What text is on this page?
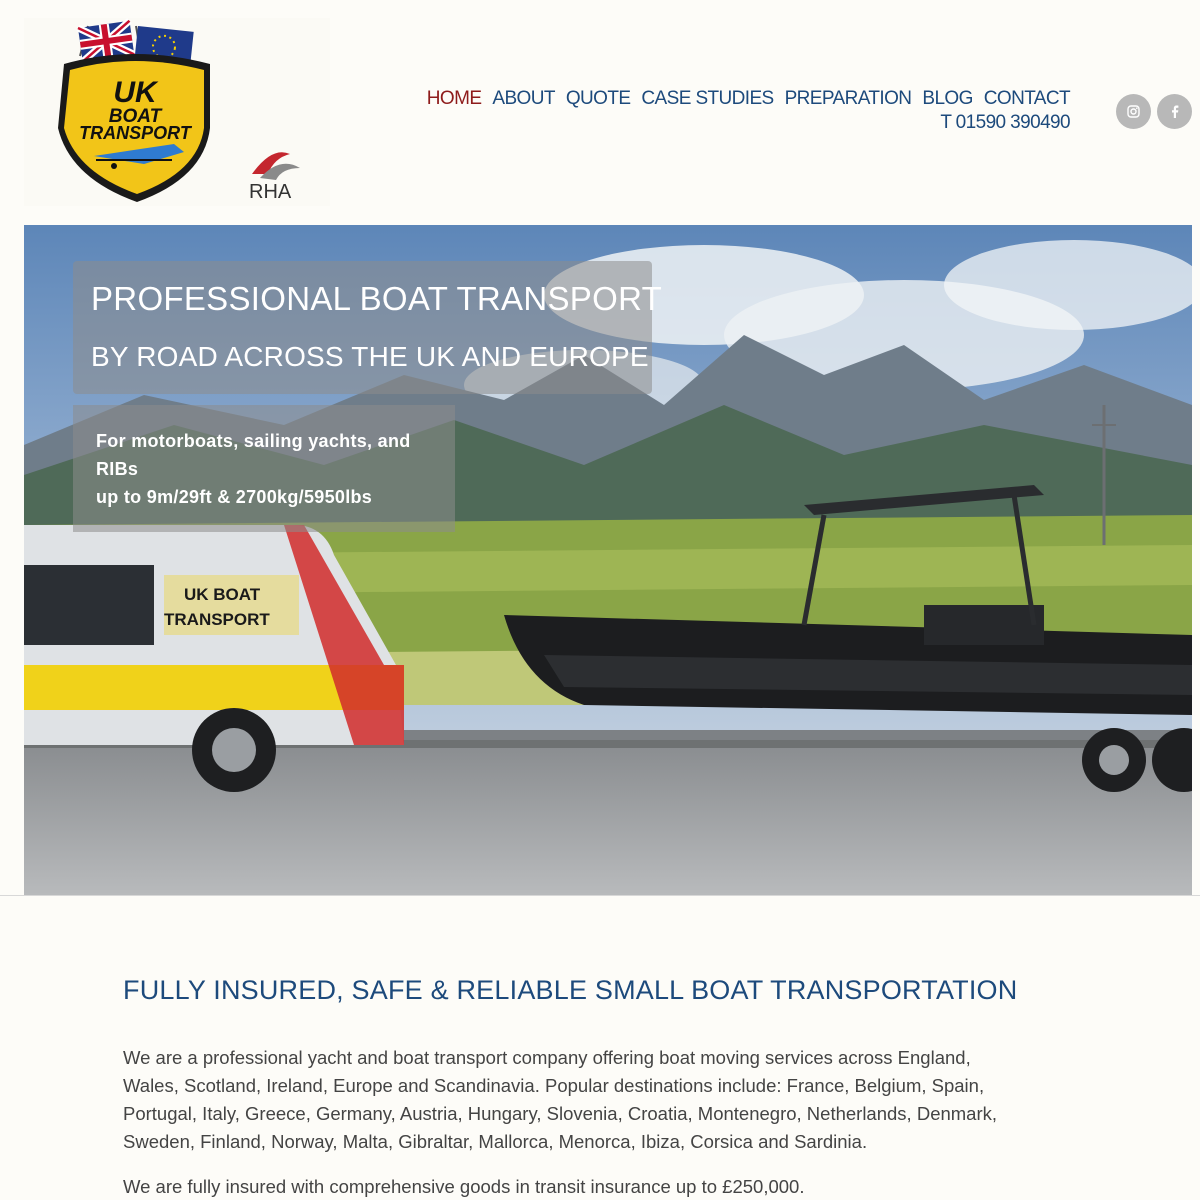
UK
BOAT
TRANSPORT
RHA
HOME ABOUT QUOTE CASE STUDIES PREPARATION BLOG CONTACT
T 01590 390490
UK BOAT
TRANSPORT
PROFESSIONAL BOAT TRANSPORT
BY ROAD ACROSS THE UK AND EUROPE
For motorboats, sailing yachts, and RIBs
up to 9m/29ft & 2700kg/5950lbs
FULLY INSURED, SAFE & RELIABLE SMALL BOAT TRANSPORTATION

We are a professional yacht and boat transport company offering boat moving services across England, Wales, Scotland, Ireland, Europe and Scandinavia. Popular destinations include: France, Belgium, Spain, Portugal, Italy, Greece, Germany, Austria, Hungary, Slovenia, Croatia, Montenegro, Netherlands, Denmark, Sweden, Finland, Norway, Malta, Gibraltar, Mallorca, Menorca, Ibiza, Corsica and Sardinia.

We are fully insured with comprehensive goods in transit insurance up to £250,000.
